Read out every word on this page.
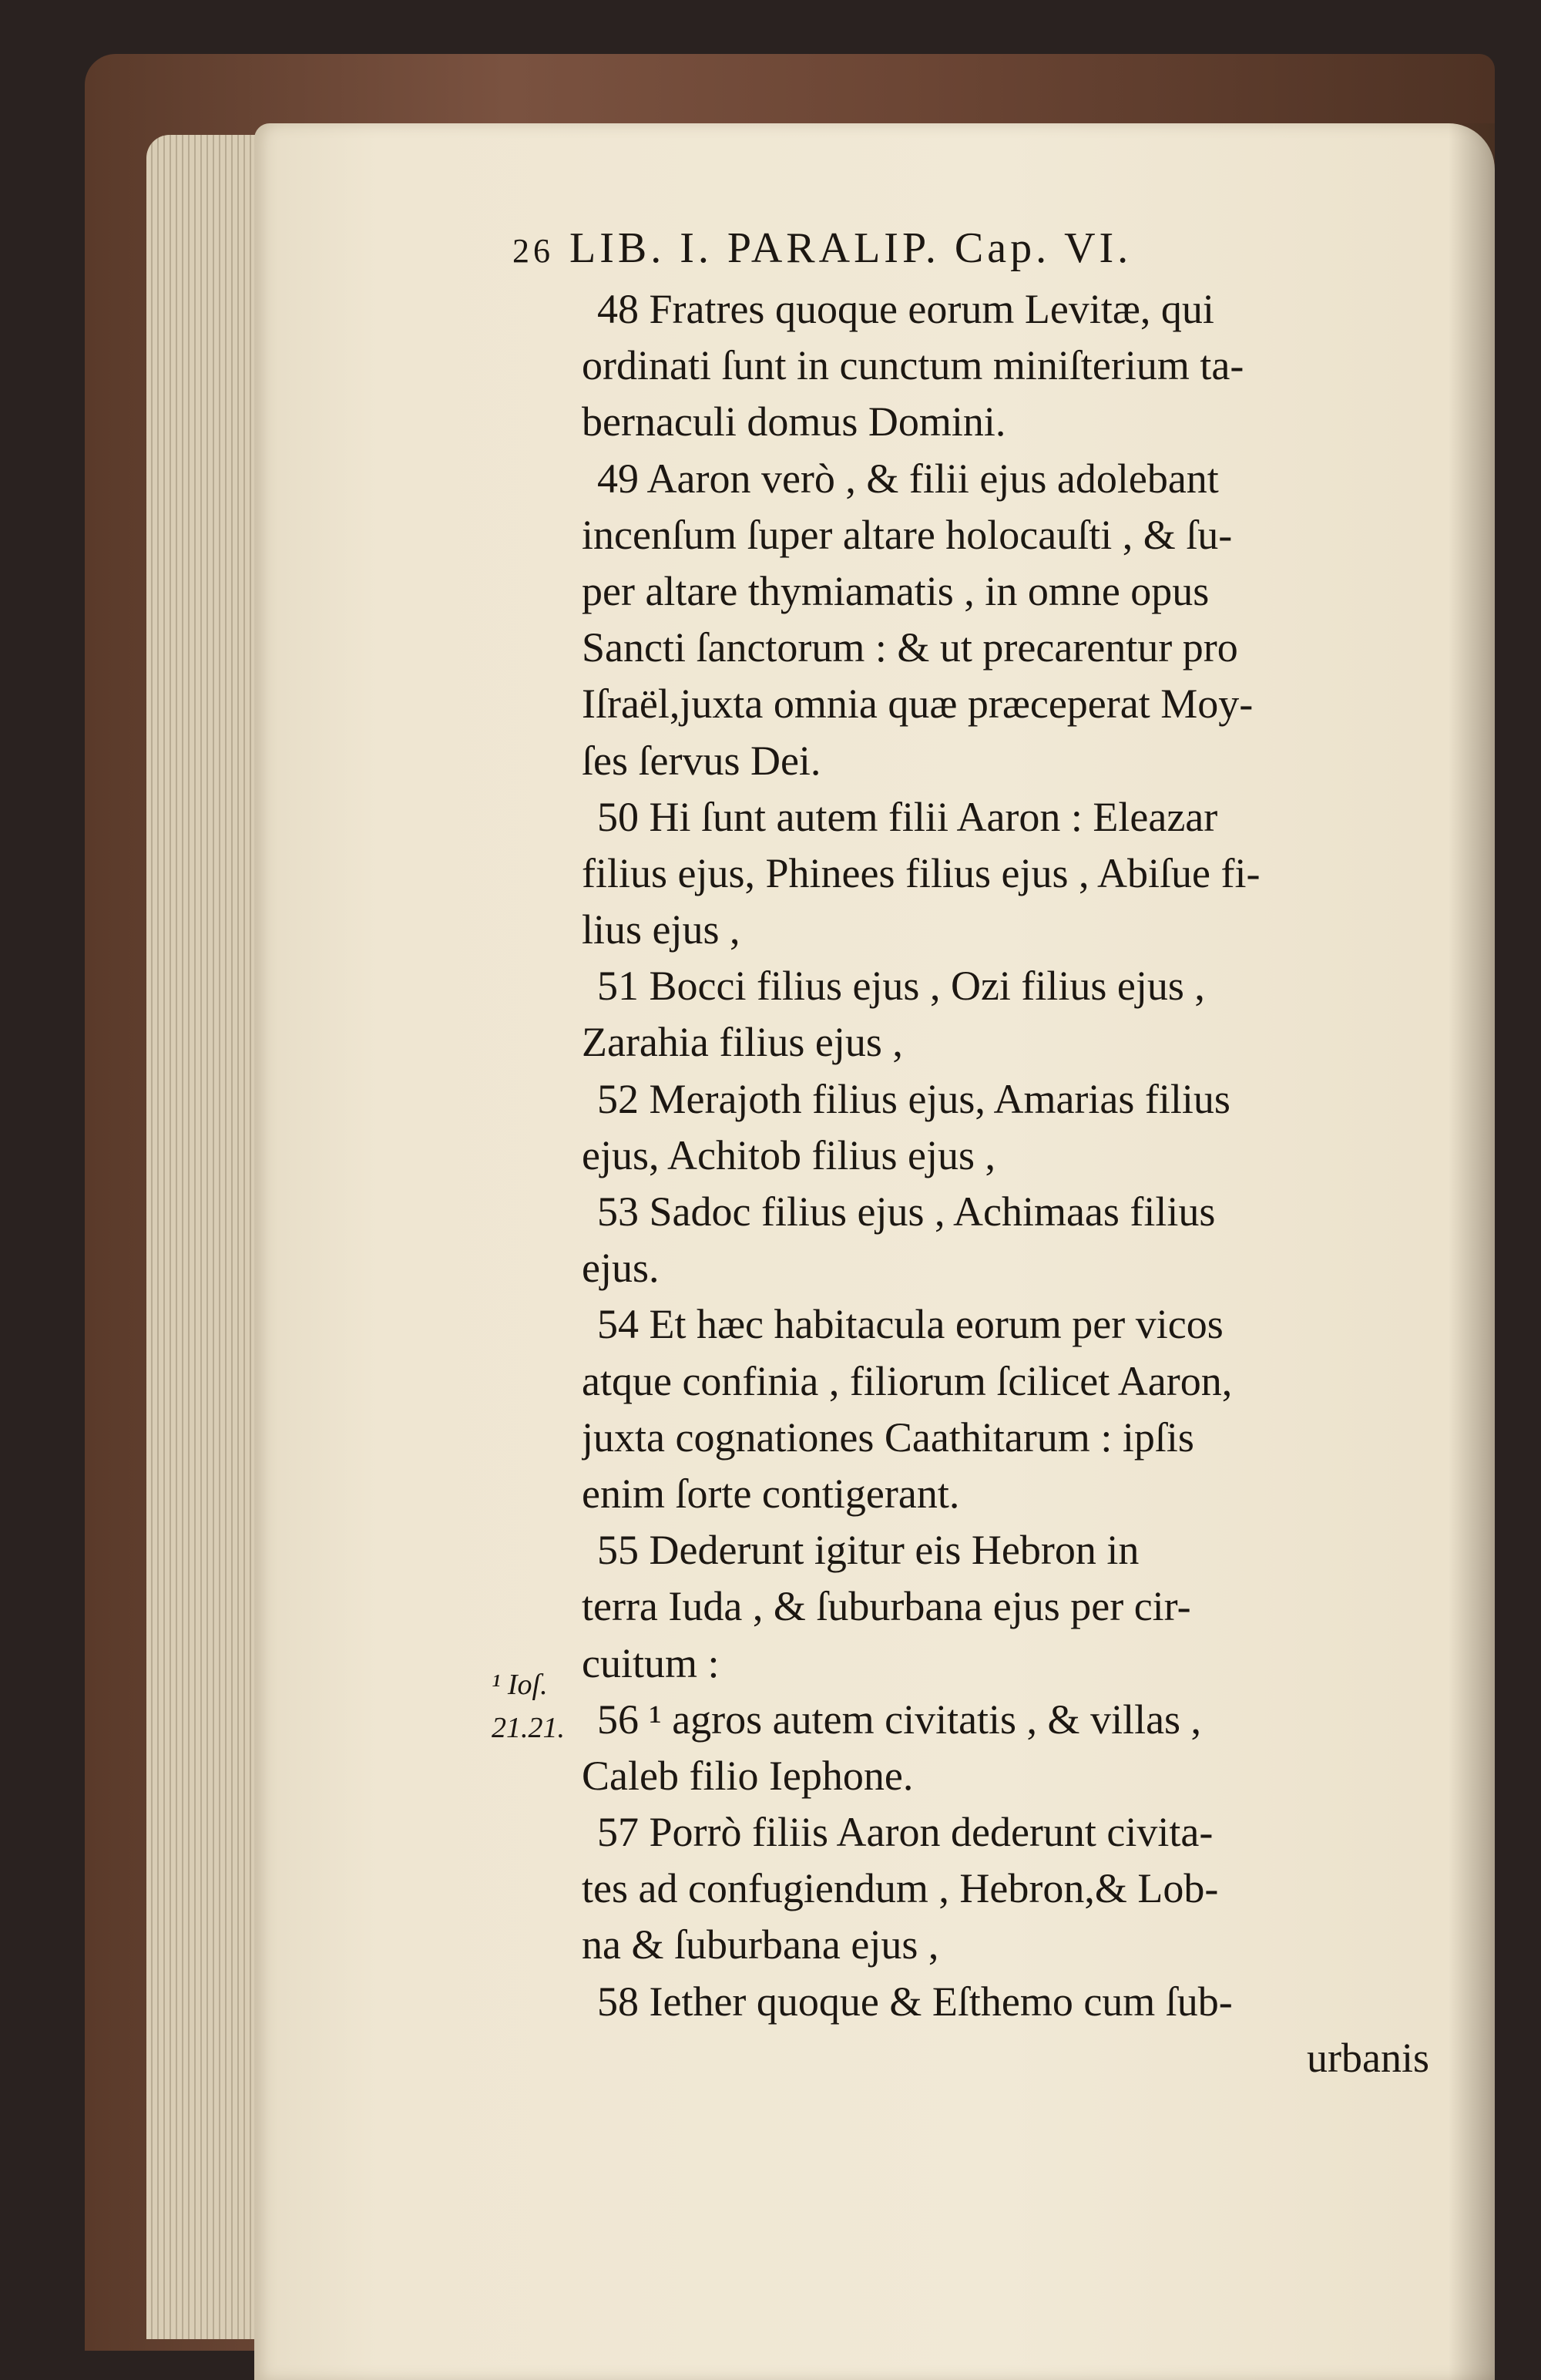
26 LIB. I. PARALIP. Cap. VI.
48 Fratres quoque eorum Levitæ, qui
ordinati ſunt in cunctum miniſterium ta-
bernaculi domus Domini.
49 Aaron verò , & filii ejus adolebant
incenſum ſuper altare holocauſti , & ſu-
per altare thymiamatis , in omne opus
Sancti ſanctorum : & ut precarentur pro
Iſraël,juxta omnia quæ præceperat Moy-
ſes ſervus Dei.
50 Hi ſunt autem filii Aaron : Eleazar
filius ejus, Phinees filius ejus , Abiſue fi-
lius ejus ,
51 Bocci filius ejus , Ozi filius ejus ,
Zarahia filius ejus ,
52 Merajoth filius ejus, Amarias filius
ejus, Achitob filius ejus ,
53 Sadoc filius ejus , Achimaas filius
ejus.
54 Et hæc habitacula eorum per vicos
atque confinia , filiorum ſcilicet Aaron,
juxta cognationes Caathitarum : ipſis
enim ſorte contigerant.
55 Dederunt igitur eis Hebron in
terra Iuda , & ſuburbana ejus per cir-
cuitum :
56 ¹ agros autem civitatis , & villas ,
Caleb filio Iephone.
57 Porrò filiis Aaron dederunt civita-
tes ad confugiendum , Hebron,& Lob-
na & ſuburbana ejus ,
58 Iether quoque & Eſthemo cum ſub-
urbanis
¹ Ioſ.
21.21.
